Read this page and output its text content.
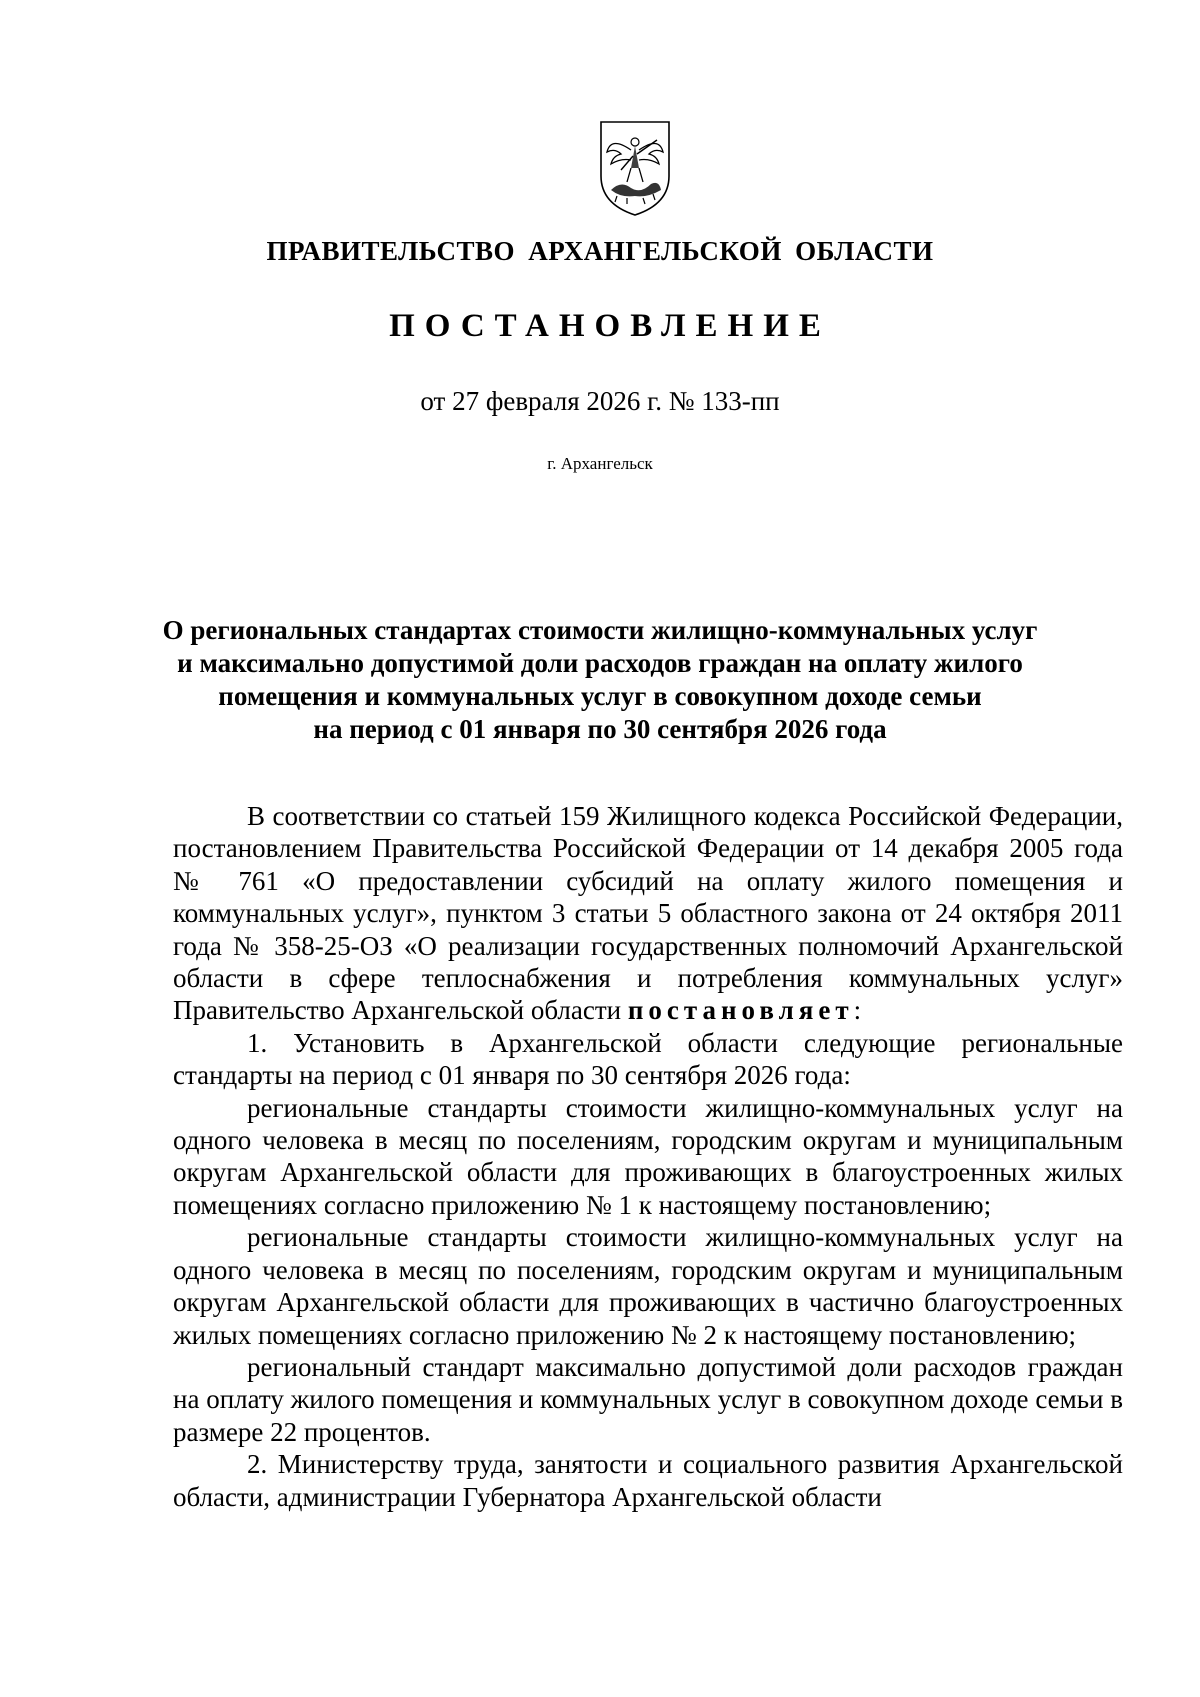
ПРАВИТЕЛЬСТВО АРХАНГЕЛЬСКОЙ ОБЛАСТИ
ПОСТАНОВЛЕНИЕ
от 27 февраля 2026 г. № 133-пп
г. Архангельск
О региональных стандартах стоимости жилищно-коммунальных услуг
и максимально допустимой доли расходов граждан на оплату жилого
помещения и коммунальных услуг в совокупном доходе семьи
на период с 01 января по 30 сентября 2026 года

В соответствии со статьей 159 Жилищного кодекса Российской Федерации, постановлением Правительства Российской Федерации от 14 декабря 2005 года № 761 «О предоставлении субсидий на оплату жилого помещения и коммунальных услуг», пунктом 3 статьи 5 областного закона от 24 октября 2011 года № 358-25-ОЗ «О реализации государственных полномочий Архангельской области в сфере теплоснабжения и потребления коммунальных услуг» Правительство Архангельской области постановляет:

1. Установить в Архангельской области следующие региональные стандарты на период с 01 января по 30 сентября 2026 года:

региональные стандарты стоимости жилищно-коммунальных услуг на одного человека в месяц по поселениям, городским округам и муниципальным округам Архангельской области для проживающих в благоустроенных жилых помещениях согласно приложению № 1 к настоящему постановлению;

региональные стандарты стоимости жилищно-коммунальных услуг на одного человека в месяц по поселениям, городским округам и муниципальным округам Архангельской области для проживающих в частично благоустроенных жилых помещениях согласно приложению № 2 к настоящему постановлению;

региональный стандарт максимально допустимой доли расходов граждан на оплату жилого помещения и коммунальных услуг в совокупном доходе семьи в размере 22 процентов.

2. Министерству труда, занятости и социального развития Архангельской области, администрации Губернатора Архангельской области
